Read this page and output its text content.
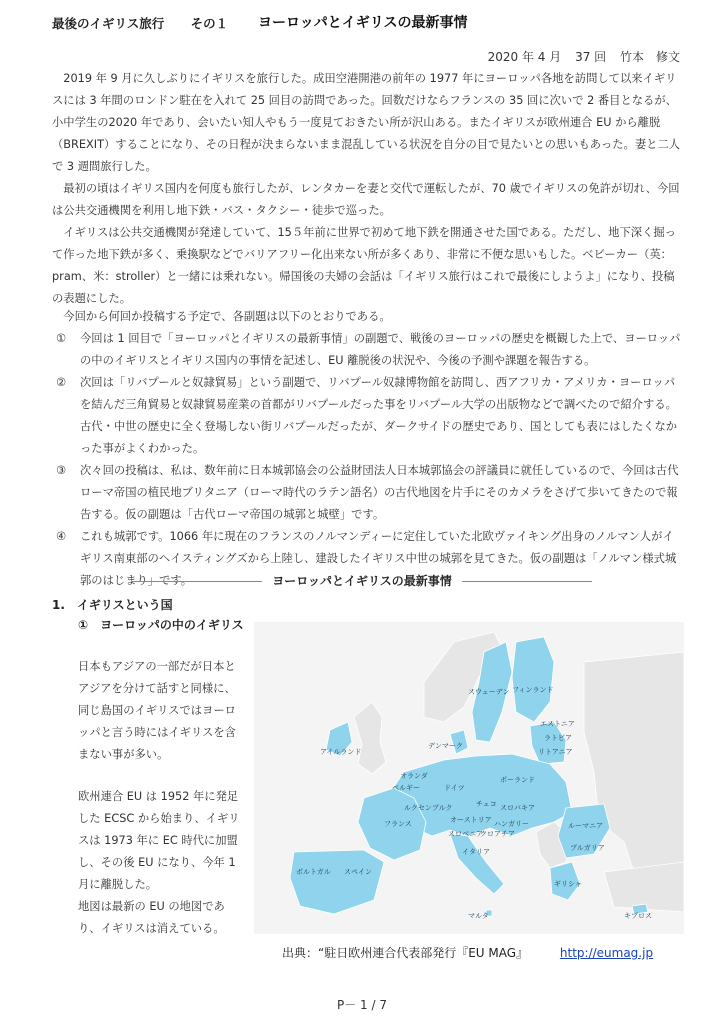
最後のイギリス旅行 その１	ヨーロッパとイギリスの最新事情
2020 年 4 月 37 回 竹本　修文

2019 年 9 月に久しぶりにイギリスを旅行した。成田空港開港の前年の 1977 年にヨーロッパ各地を訪問して以来イギリスには 3 年間のロンドン駐在を入れて 25 回目の訪問であった。回数だけならフランスの 35 回に次いで 2 番目となるが、小中学生の2020 年であり、会いたい知人やもう一度見ておきたい所が沢山ある。またイギリスが欧州連合 EU から離脱（BREXIT）することになり、その日程が決まらないまま混乱している状況を自分の目で見たいとの思いもあった。妻と二人で 3 週間旅行した。

最初の頃はイギリス国内を何度も旅行したが、レンタカーを妻と交代で運転したが、70 歳でイギリスの免許が切れ、今回は公共交通機関を利用し地下鉄・バス・タクシー・徒歩で巡った。

イギリスは公共交通機関が発達していて、15５年前に世界で初めて地下鉄を開通させた国である。ただし、地下深く掘って作った地下鉄が多く、乗換駅などでバリアフリー化出来ない所が多くあり、非常に不便な思いもした。ベビーカー（英：pram、米：stroller）と一緒には乗れない。帰国後の夫婦の会話は「イギリス旅行はこれで最後にしようよ」になり、投稿の表題にした。

今回から何回か投稿する予定で、各副題は以下のとおりである。
① 今回は 1 回目で「ヨーロッパとイギリスの最新事情」の副題で、戦後のヨーロッパの歴史を概観した上で、ヨーロッパの中のイギリスとイギリス国内の事情を記述し、EU 離脱後の状況や、今後の予測や課題を報告する。
② 次回は「リバプールと奴隷貿易」という副題で、リバプール奴隷博物館を訪問し、西アフリカ・アメリカ・ヨーロッパを結んだ三角貿易と奴隷貿易産業の首都がリバプールだった事をリバプール大学の出版物などで調べたので紹介する。古代・中世の歴史に全く登場しない街リバプールだったが、ダークサイドの歴史であり、国としても表にはしたくなかった事がよくわかった。
③ 次々回の投稿は、私は、数年前に日本城郭協会の公益財団法人日本城郭協会の評議員に就任しているので、今回は古代ローマ帝国の植民地ブリタニア（ローマ時代のラテン語名）の古代地図を片手にそのカメラをさげて歩いてきたので報告する。仮の副題は「古代ローマ帝国の城郭と城壁」です。
④ これも城郭です。1066 年に現在のフランスのノルマンディーに定住していた北欧ヴァイキング出身のノルマン人がイギリス南東部のヘイスティングズから上陸し、建設したイギリス中世の城郭を見てきた。仮の副題は「ノルマン様式城郭のはじまり」です。	ヨーロッパとイギリスの最新事情
1.　イギリスという国
①　ヨーロッパの中のイギリス

日本もアジアの一部だが日本とアジアを分けて話すと同様に、同じ島国のイギリスではヨーロッパと言う時にはイギリスを含まない事が多い。

欧州連合 EU は 1952 年に発足した ECSC から始まり、イギリスは 1973 年に EC 時代に加盟し、その後 EU になり、今年 1 月に離脱した。
地図は最新の EU の地図であり、イギリスは消えている。

スウェーデン フィンランド
エストニア
ラトビア
リトアニア
デンマーク
アイルランド
オランダ
ベルギー	ドイツ
ポーランド
ルクセンブルク	チェコ スロバキア
オーストリア ハンガリー
スロベニア
クロアチア
ルーマニア
ブルガリア
フランス
イタリア
スペイン
ポルトガル
ギリシャ
マルタ	キプロス
出典：“駐日欧州連合代表部発行『EU MAG』	http://eumag.jp
P－ 1 / 7
